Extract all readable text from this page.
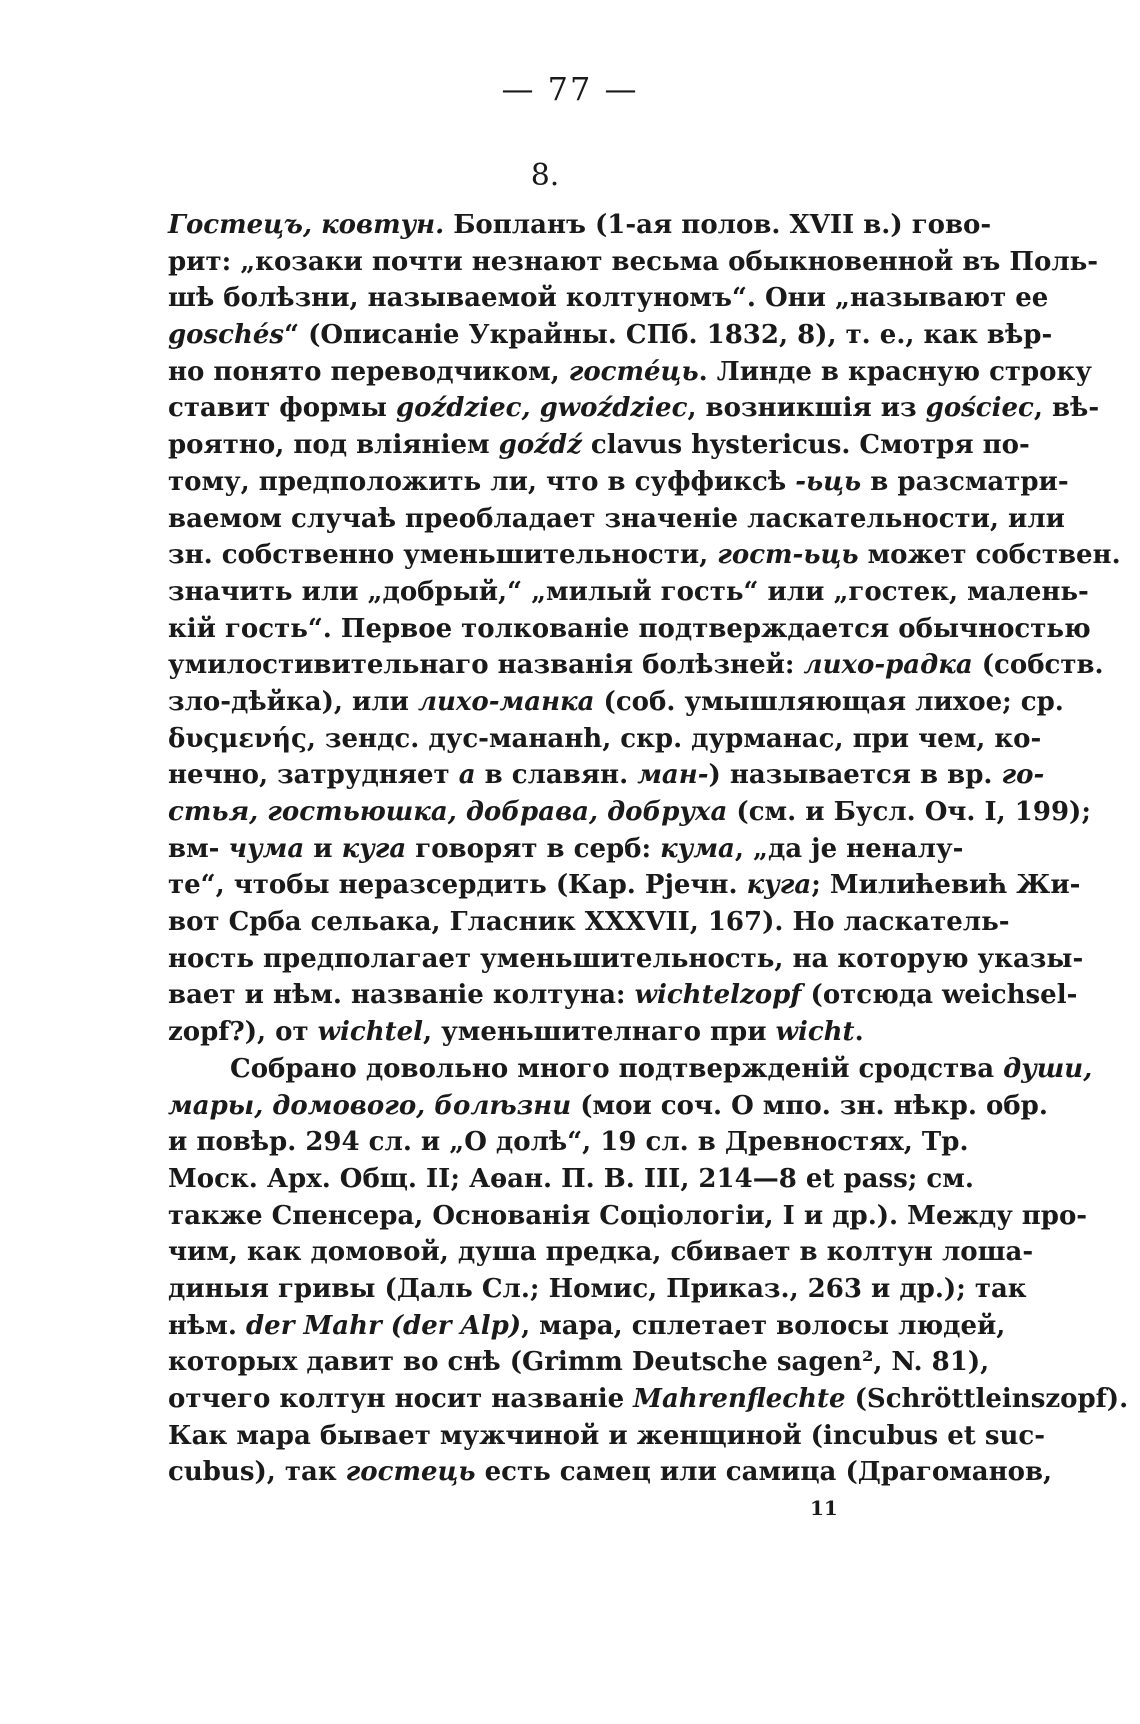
— 77 —
8.
Гостецъ, ковтун. Бопланъ (1-ая полов. XVII в.) гово-
рит: „козаки почти незнают весьма обыкновенной въ Поль-
шѣ болѣзни, называемой колтуномъ“. Они „называют ее
goschés“ (Описаніе Украйны. СПб. 1832, 8), т. е., как вѣр-
но понято переводчиком, гостéць. Линде в красную строку
ставит формы goździec, gwoździec, возникшія из gościec, вѣ-
роятно, под вліяніем goźdź clavus hystericus. Смотря по-
тому, предположить ли, что в суффиксѣ -ьць в разсматри-
ваемом случаѣ преобладает значеніе ласкательности, или
зн. собственно уменьшительности, гост-ьць может собствен.
значить или „добрый,“ „милый гость“ или „гостек, малень-
кій гость“. Первое толкованіе подтверждается обычностью
умилостивительнаго названія болѣзней: лихо-радка (собств.
зло-дѣйка), или лихо-манка (соб. умышляющая лихое; ср.
δυςμενής, зендс. дус-мананһ, скр. дурманас, при чем, ко-
нечно, затрудняет а в славян. ман-) называется в вр. го-
стья, гостьюшка, добрава, добруха (см. и Бусл. Оч. I, 199);
вм- чума и куга говорят в серб: кума, „да је неналу-
те“, чтобы неразсердить (Кар. Рјечн. куга; Милићевић Жи-
вот Срба сельака, Гласник XXXVII, 167). Но ласкатель-
ность предполагает уменьшительность, на которую указы-
вает и нѣм. названіе колтуна: wichtelzopf (отсюда weichsel-
zopf?), от wichtel, уменьшителнаго при wicht.
Собрано довольно много подтвержденій сродства души,
мары, домового, болѣзни (мои соч. О мпо. зн. нѣкр. обр.
и повѣр. 294 сл. и „О долѣ“, 19 сл. в Древностях, Тр.
Моск. Арх. Общ. II; Аѳан. П. В. III, 214—8 et pass; см.
также Спенсера, Основанія Соціологіи, I и др.). Между про-
чим, как домовой, душа предка, сбивает в колтун лоша-
диныя гривы (Даль Сл.; Номис, Приказ., 263 и др.); так
нѣм. der Mahr (der Alp), мара, сплетает волосы людей,
которых давит во снѣ (Grimm Deutsche sagen², N. 81),
отчего колтун носит названіе Mahrenflechte (Schröttleinszopf).
Как мара бывает мужчиной и женщиной (incubus et suc-
cubus), так гостець есть самец или самица (Драгоманов,
11
